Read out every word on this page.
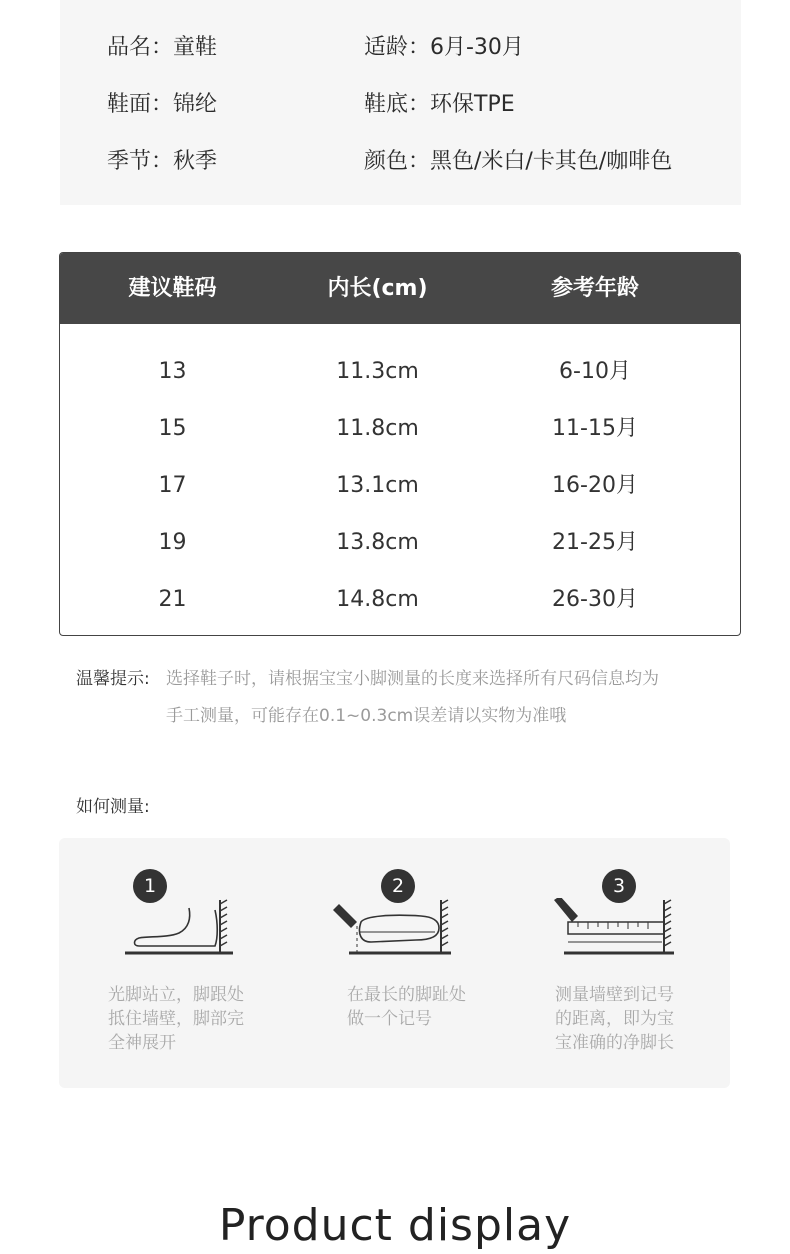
品名：童鞋	适龄：6月-30月
鞋面：锦纶	鞋底：环保TPE
季节：秋季	颜色：黑色/米白/卡其色/咖啡色
建议鞋码	内长(cm)	参考年龄
13	11.3cm	6-10月
15	11.8cm	11-15月
17	13.1cm	16-20月
19	13.8cm	21-25月
21	14.8cm	26-30月
温馨提示: 选择鞋子时，请根据宝宝小脚测量的长度来选择所有尺码信息均为
手工测量，可能存在0.1~0.3cm误差请以实物为准哦
如何测量:
1
光脚站立，脚跟处
抵住墙壁，脚部完
全神展开
2
在最长的脚趾处
做一个记号
3
测量墙壁到记号
的距离，即为宝
宝准确的净脚长
Product display
